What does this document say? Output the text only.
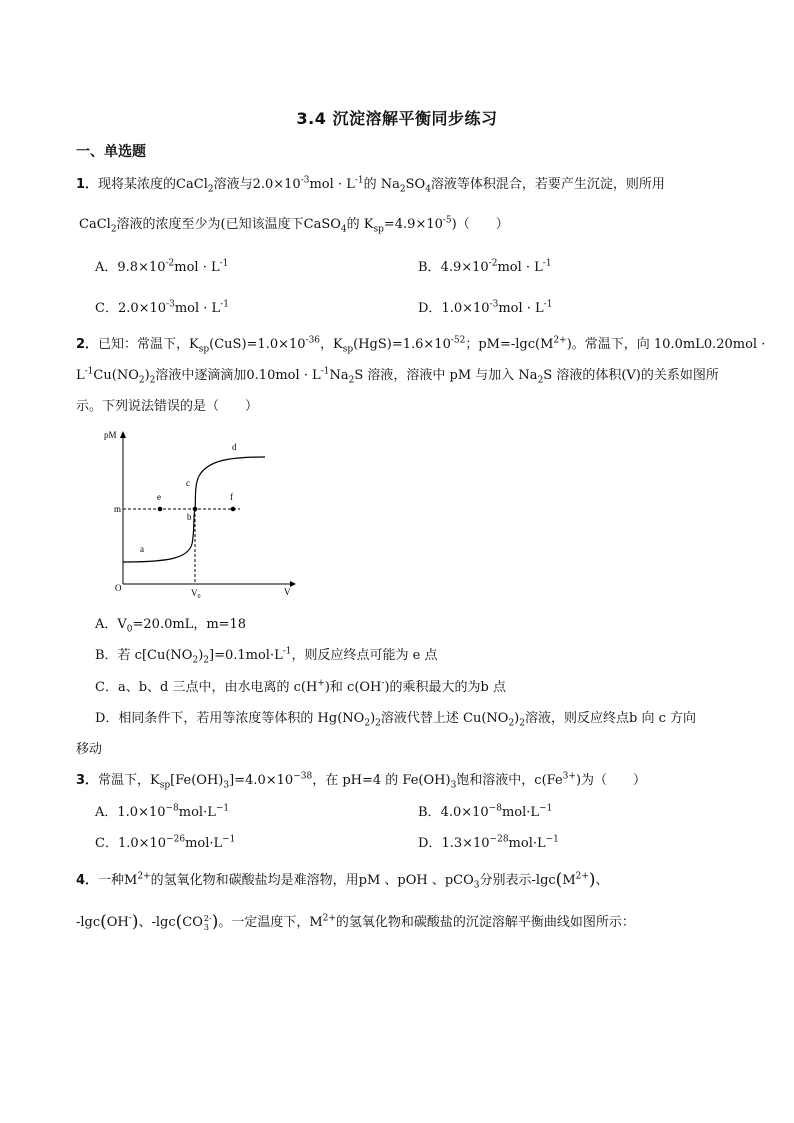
3.4 沉淀溶解平衡同步练习
一、单选题
1．现将某浓度的CaCl$_2$溶液与$2.0\times 10^{-3}mol \cdot L^{-1}$的 $Na_2SO_4$溶液等体积混合，若要产生沉淀，则所用
CaCl$_2$溶液的浓度至少为(已知该温度下CaSO$_4$的 $K_{sp}=4.9\times 10^{-5}$)（　　）
A．$9.8\times 10^{-2}mol \cdot L^{-1}$	B．$4.9\times 10^{-2}mol \cdot L^{-1}$
C．$2.0\times 10^{-3}mol \cdot L^{-1}$	D．$1.0\times 10^{-3}mol \cdot L^{-1}$
2．已知：常温下，$K_{sp}(CuS)=1.0\times 10^{-36}$，$K_{sp}(HgS)=1.6\times 10^{-52}$；$pM=-\lg c(M^{2+})$。常温下，向 10.0mL0.20mol ·
$L^{-1}Cu(NO_2)_2$溶液中逐滴滴加$0.10mol \cdot L^{-1}Na_2S$ 溶液，溶液中 pM 与加入 $Na_2S$ 溶液的体积(V)的关系如图所
示。下列说法错误的是（　　）
pM
V
O
m
a
b
c
d
e	f
$V_0$
A．$V_0=20.0mL$，m=18
B．若 $c[Cu(NO_2)_2]=0.1mol\cdot L^{-1}$，则反应终点可能为 e 点
C．a、b、d 三点中，由水电离的 c(H+)和 c(OH-)的乘积最大的为b 点
D．相同条件下，若用等浓度等体积的 $Hg(NO_2)_2$溶液代替上述 $Cu(NO_2)_2$溶液，则反应终点b 向 c 方向
移动
3．常温下，$K_{sp}[Fe(OH)_3]=4.0\times 10^{-38}$，在 pH=4 的 $Fe(OH)_3$饱和溶液中，$c(Fe^{3+})$为（　　）
A．$1.0\times 10^{-8}mol\cdot L^{-1}$	B．$4.0\times 10^{-8}mol\cdot L^{-1}$
C．$1.0\times 10^{-26}mol\cdot L^{-1}$	D．$1.3\times 10^{-28}mol\cdot L^{-1}$
4．一种$M^{2+}$的氢氧化物和碳酸盐均是难溶物，用pM 、pOH 、pCO$_3$分别表示$-\lg c(M^{2+})$、
-lgc(OH-)、-lgc(CO 2-
3 )。一定温度下，$M^{2+}$的氢氧化物和碳酸盐的沉淀溶解平衡曲线如图所示：
